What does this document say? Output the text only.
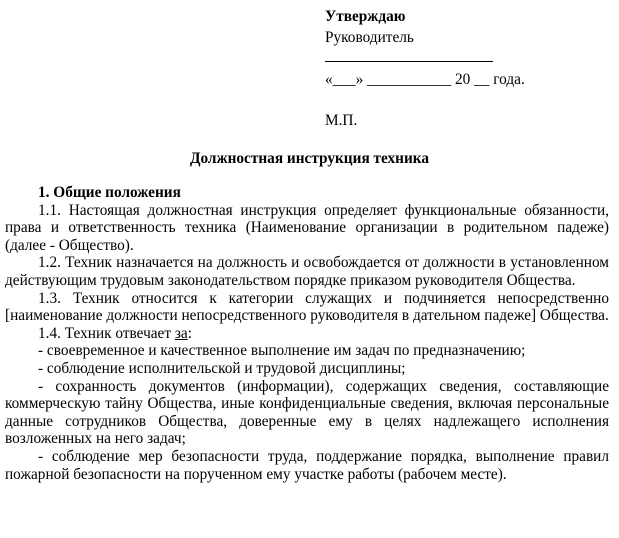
Утверждаю
Руководитель
«___» ___________ 20 __ года.
М.П.
Должностная инструкция техника
1. Общие положения

1.1. Настоящая должностная инструкция определяет функциональные обязанности, права и ответственность техника (Наименование организации в родительном падеже) (далее - Общество).

1.2. Техник назначается на должность и освобождается от должности в установленном действующим трудовым законодательством порядке приказом руководителя Общества.

1.3. Техник относится к категории служащих и подчиняется непосредственно [наименование должности непосредственного руководителя в дательном падеже] Общества.

1.4. Техник отвечает за:

- своевременное и качественное выполнение им задач по предназначению;

- соблюдение исполнительской и трудовой дисциплины;

- сохранность документов (информации), содержащих сведения, составляющие коммерческую тайну Общества, иные конфиденциальные сведения, включая персональные данные сотрудников Общества, доверенные ему в целях надлежащего исполнения возложенных на него задач;

- соблюдение мер безопасности труда, поддержание порядка, выполнение правил пожарной безопасности на порученном ему участке работы (рабочем месте).
